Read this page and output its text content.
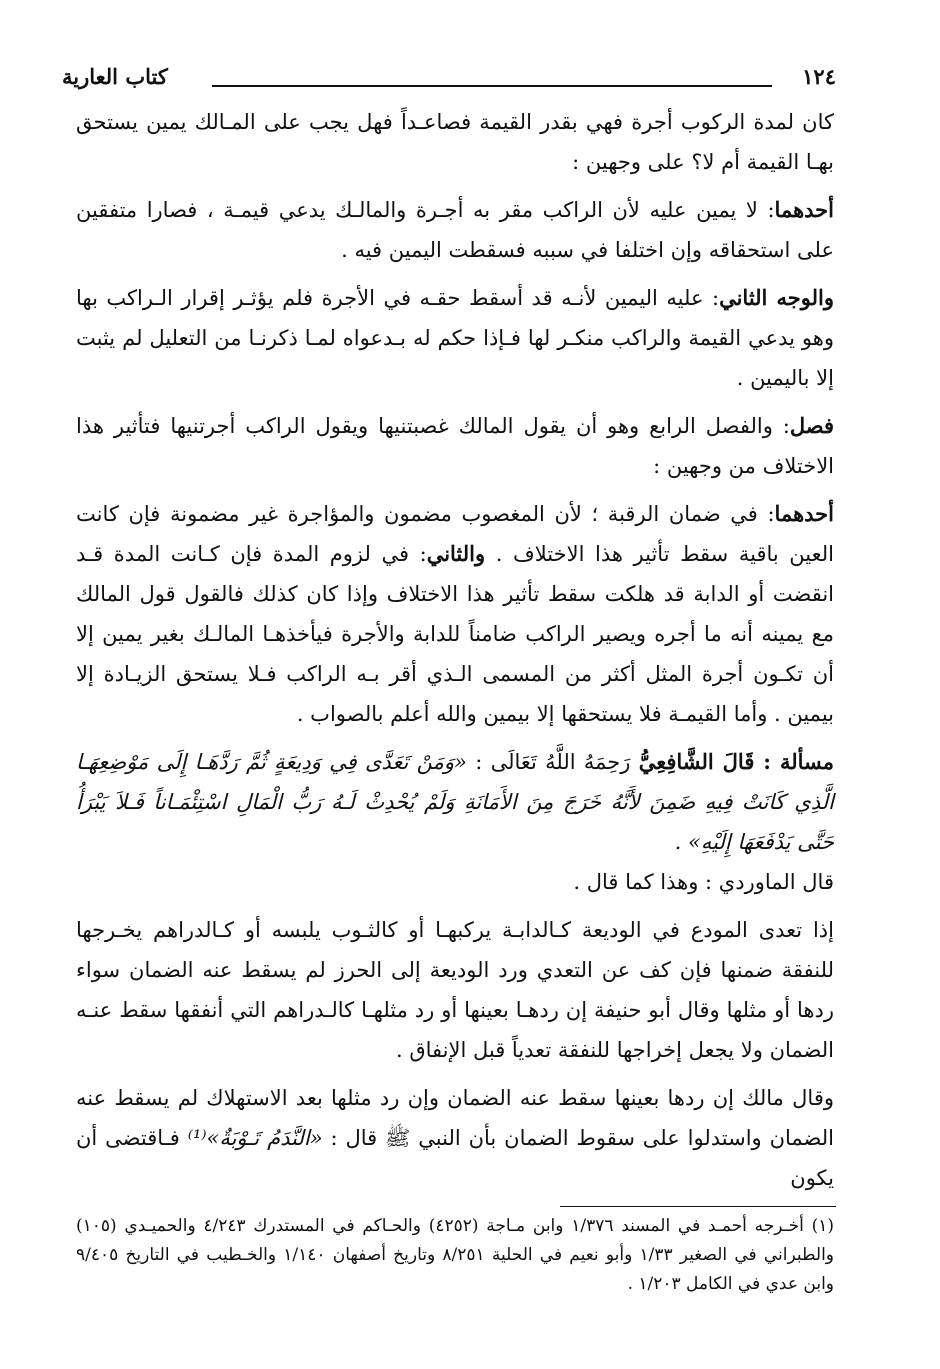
١٢٤
كتاب العارية

كان لمدة الركوب أجرة فهي بقدر القيمة فصاعـداً فهل يجب على المـالك يمين يستحق بهـا القيمة أم لا؟ على وجهين :

أحدهما: لا يمين عليه لأن الراكب مقر به أجـرة والمالـك يدعي قيمـة ، فصارا متفقين على استحقاقه وإن اختلفا في سببه فسقطت اليمين فيه .

والوجه الثاني: عليه اليمين لأنـه قد أسقط حقـه في الأجرة فلم يؤثـر إقرار الـراكب بها وهو يدعي القيمة والراكب منكـر لها فـإذا حكم له بـدعواه لمـا ذكرنـا من التعليل لم يثبت إلا باليمين .

فصل: والفصل الرابع وهو أن يقول المالك غصبتنيها ويقول الراكب أجرتنيها فتأثير هذا الاختلاف من وجهين :

أحدهما: في ضمان الرقبة ؛ لأن المغصوب مضمون والمؤاجرة غير مضمونة فإن كانت العين باقية سقط تأثير هذا الاختلاف . والثاني: في لزوم المدة فإن كـانت المدة قـد انقضت أو الدابة قد هلكت سقط تأثير هذا الاختلاف وإذا كان كذلك فالقول قول المالك مع يمينه أنه ما أجره ويصير الراكب ضامناً للدابة والأجرة فيأخذهـا المالـك بغير يمين إلا أن تكـون أجرة المثل أكثر من المسمى الـذي أقر بـه الراكب فـلا يستحق الزيـادة إلا بيمين . وأما القيمـة فلا يستحقها إلا بيمين والله أعلم بالصواب .

مسألة : قَالَ الشَّافِعِيُّ رَحِمَهُ اللَّهُ تَعَالَى : «وَمَنْ تَعَدَّى فِي وَدِيعَةٍ ثُمَّ رَدَّهَـا إِلَى مَوْضِعِهَـا الَّذِي كَانَتْ فِيهِ ضَمِنَ لأَنَّهُ خَرَجَ مِنَ الأَمَانَةِ وَلَمْ يُحْدِثْ لَـهُ رَبُّ الْمَالِ اسْتِئْمَـاناً فَـلاَ يَبْرَأُ حَتَّى يَدْفَعَهَا إِلَيْهِ» .

قال الماوردي : وهذا كما قال .

إذا تعدى المودع في الوديعة كـالدابـة يركبهـا أو كالثـوب يلبسه أو كـالدراهم يخـرجها للنفقة ضمنها فإن كف عن التعدي ورد الوديعة إلى الحرز لم يسقط عنه الضمان سواء ردها أو مثلها وقال أبو حنيفة إن ردهـا بعينها أو رد مثلهـا كالـدراهم التي أنفقها سقط عنـه الضمان ولا يجعل إخراجها للنفقة تعدياً قبل الإنفاق .

وقال مالك إن ردها بعينها سقط عنه الضمان وإن رد مثلها بعد الاستهلاك لم يسقط عنه الضمان واستدلوا على سقوط الضمان بأن النبي ﷺ قال : «النَّدَمُ تَـوْبَةٌ»⁽¹⁾ فـاقتضى أن يكون

(١) أخـرجه أحمـد في المسند ١/٣٧٦ وابن مـاجة (٤٢٥٢) والحـاكم في المستدرك ٤/٢٤٣ والحميـدي (١٠٥) والطبراني في الصغير ١/٣٣ وأبو نعيم في الحلية ٨/٢٥١ وتاريخ أصفهان ١/١٤٠ والخـطيب في التاريخ ٩/٤٠٥ وابن عدي في الكامل ١/٢٠٣ .
